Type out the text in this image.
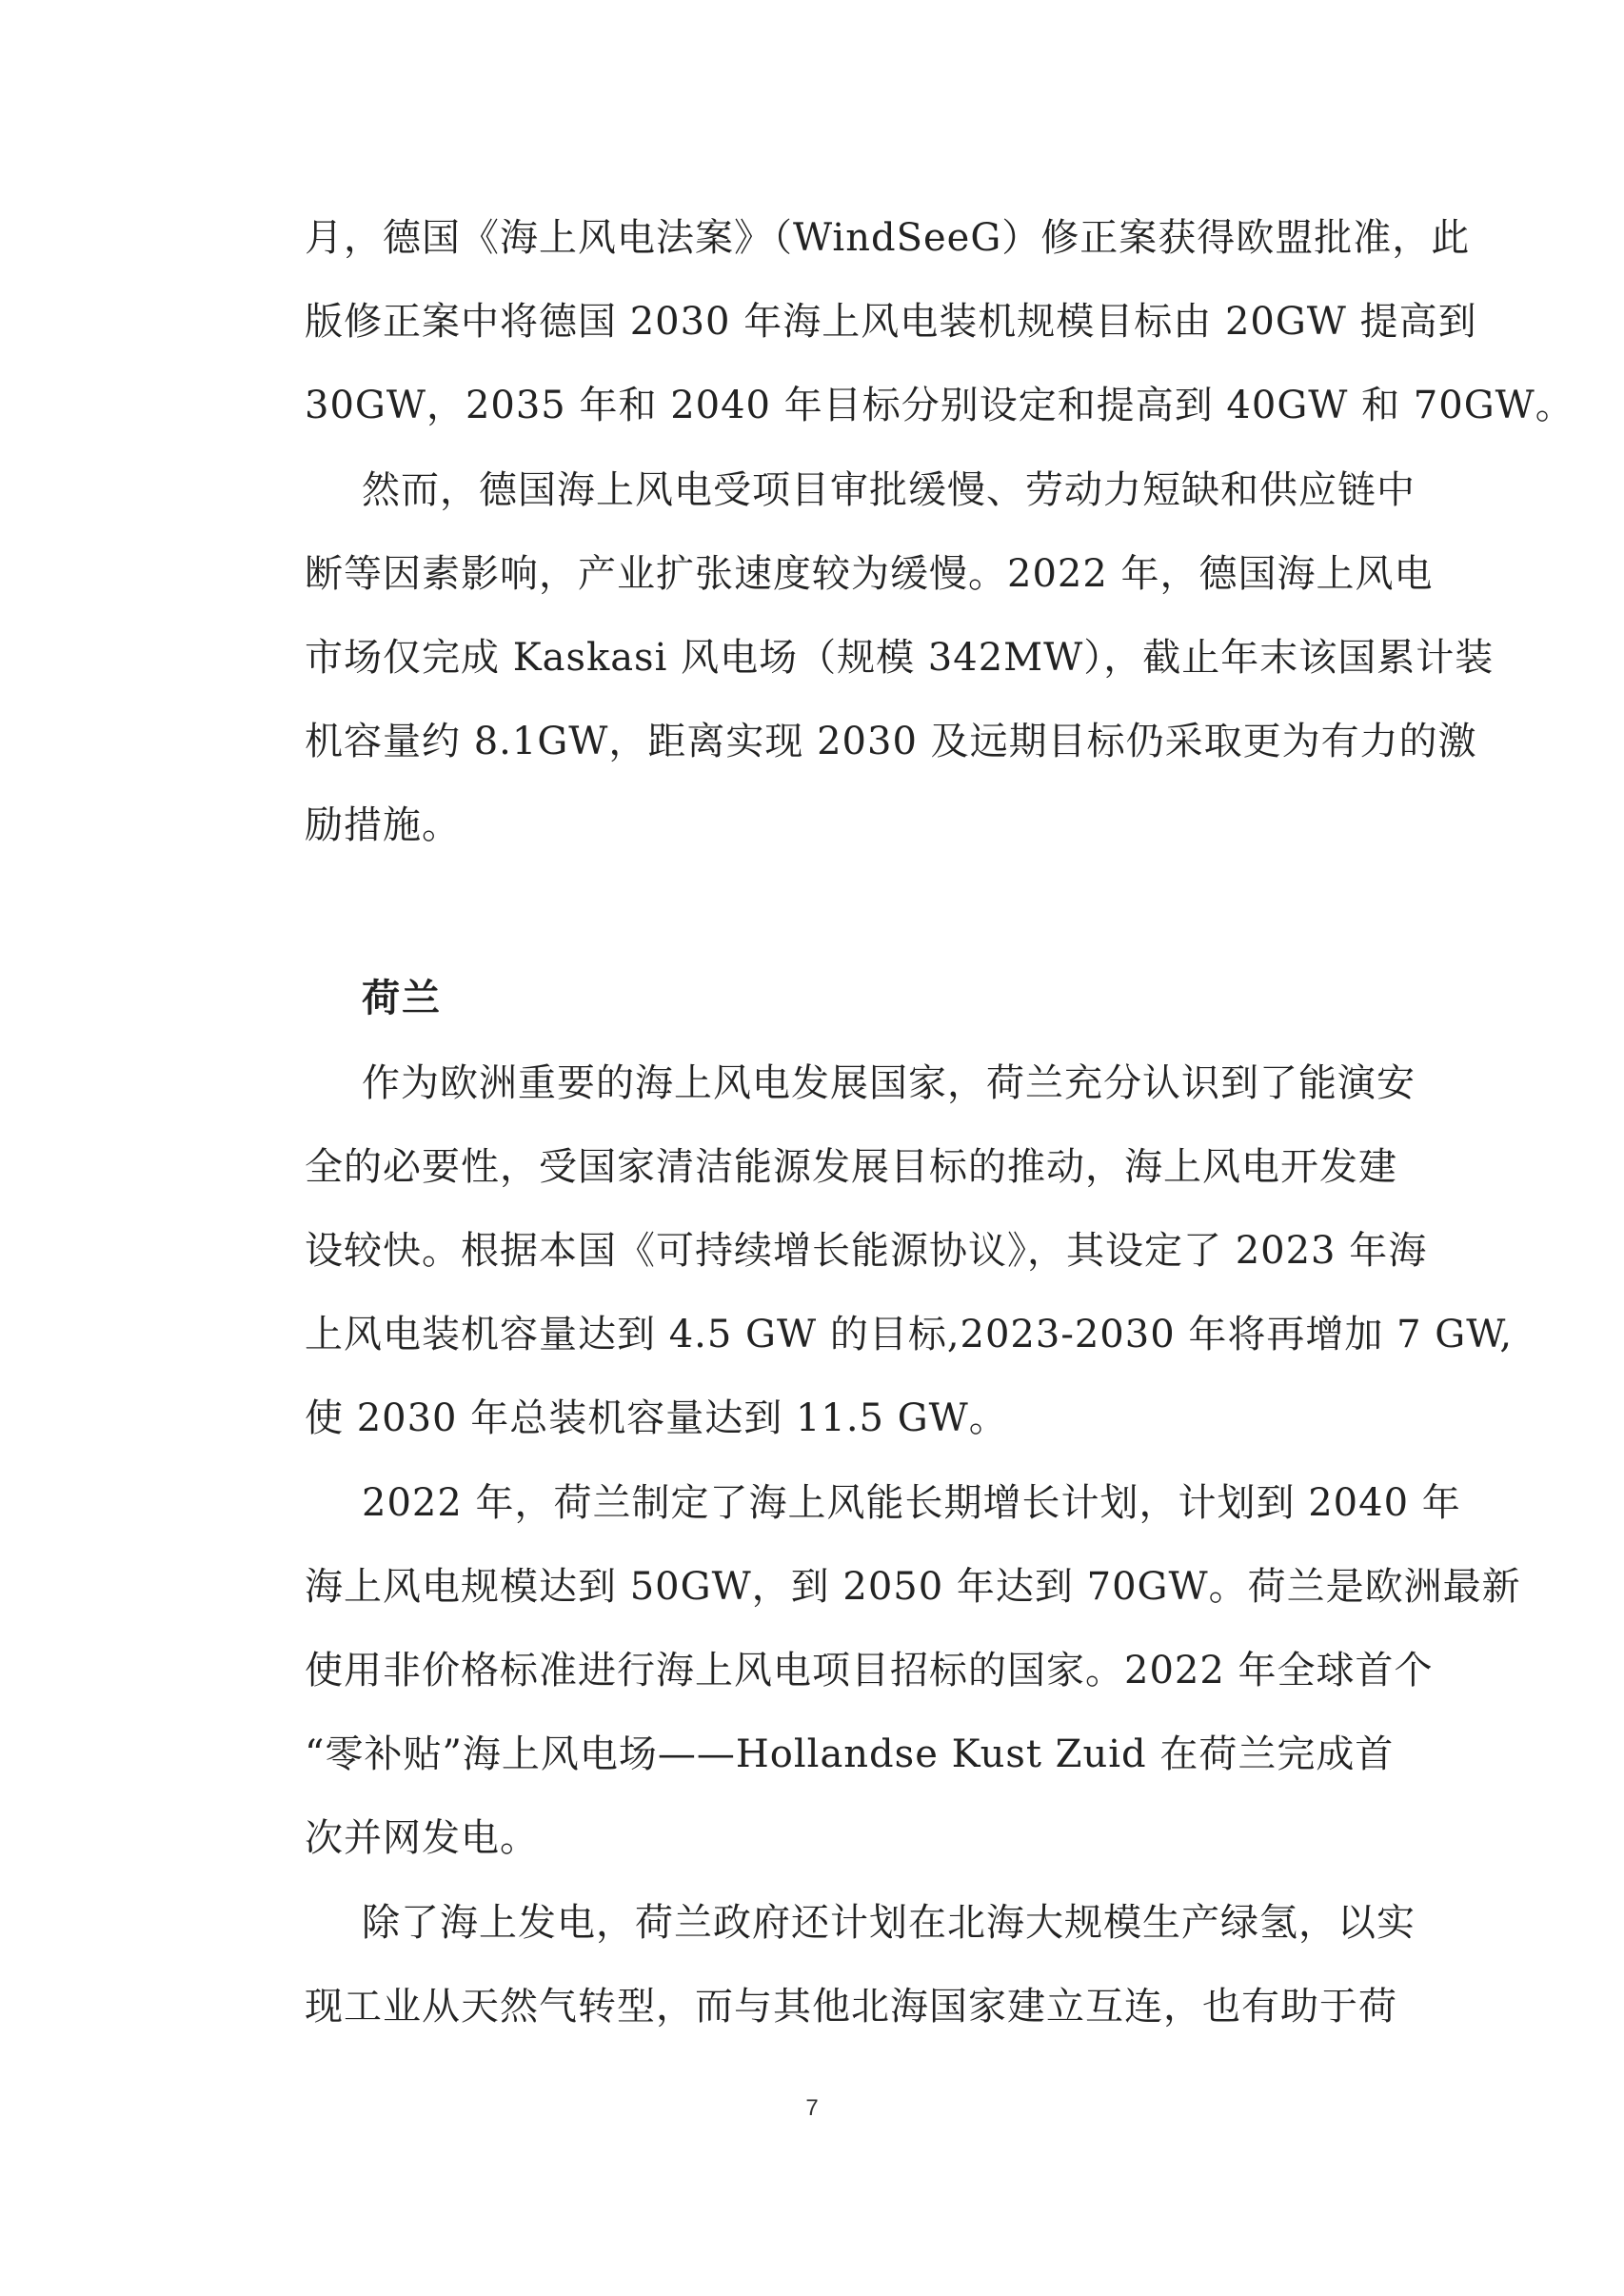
月，德国《海上风电法案》（WindSeeG）修正案获得欧盟批准，此
版修正案中将德国 2030 年海上风电装机规模目标由 20GW 提高到
30GW，2035 年和 2040 年目标分别设定和提高到 40GW 和 70GW。
然而，德国海上风电受项目审批缓慢、劳动力短缺和供应链中
断等因素影响，产业扩张速度较为缓慢。2022 年，德国海上风电
市场仅完成 Kaskasi 风电场（规模 342MW），截止年末该国累计装
机容量约 8.1GW，距离实现 2030 及远期目标仍采取更为有力的激
励措施。
荷兰
作为欧洲重要的海上风电发展国家，荷兰充分认识到了能演安
全的必要性，受国家清洁能源发展目标的推动，海上风电开发建
设较快。根据本国《可持续增长能源协议》，其设定了 2023 年海
上风电装机容量达到 4.5 GW 的目标,2023-2030 年将再增加 7 GW,
使 2030 年总装机容量达到 11.5 GW。
2022 年，荷兰制定了海上风能长期增长计划，计划到 2040 年
海上风电规模达到 50GW，到 2050 年达到 70GW。荷兰是欧洲最新
使用非价格标准进行海上风电项目招标的国家。2022 年全球首个
“零补贴”海上风电场——Hollandse Kust Zuid 在荷兰完成首
次并网发电。
除了海上发电，荷兰政府还计划在北海大规模生产绿氢，以实
现工业从天然气转型，而与其他北海国家建立互连，也有助于荷
7
